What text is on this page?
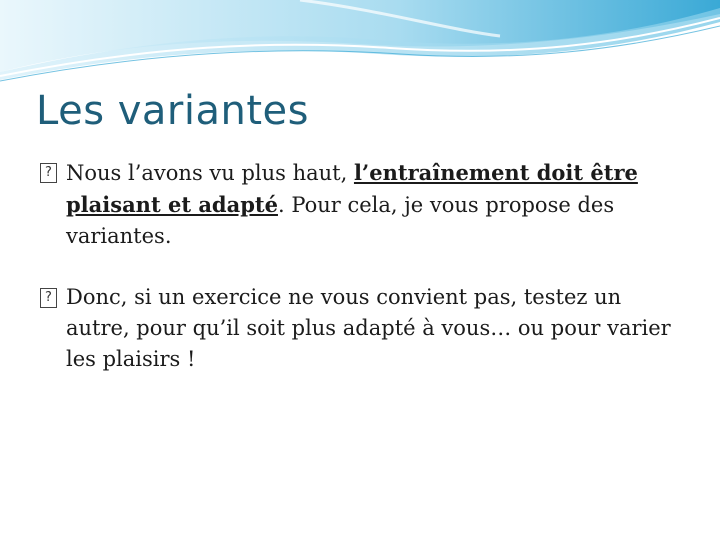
Les variantes

? Nous l’avons vu plus haut, l’entraînement doit être plaisant et adapté. Pour cela, je vous propose des variantes.

? Donc, si un exercice ne vous convient pas, testez un autre, pour qu’il soit plus adapté à vous… ou pour varier les plaisirs !
